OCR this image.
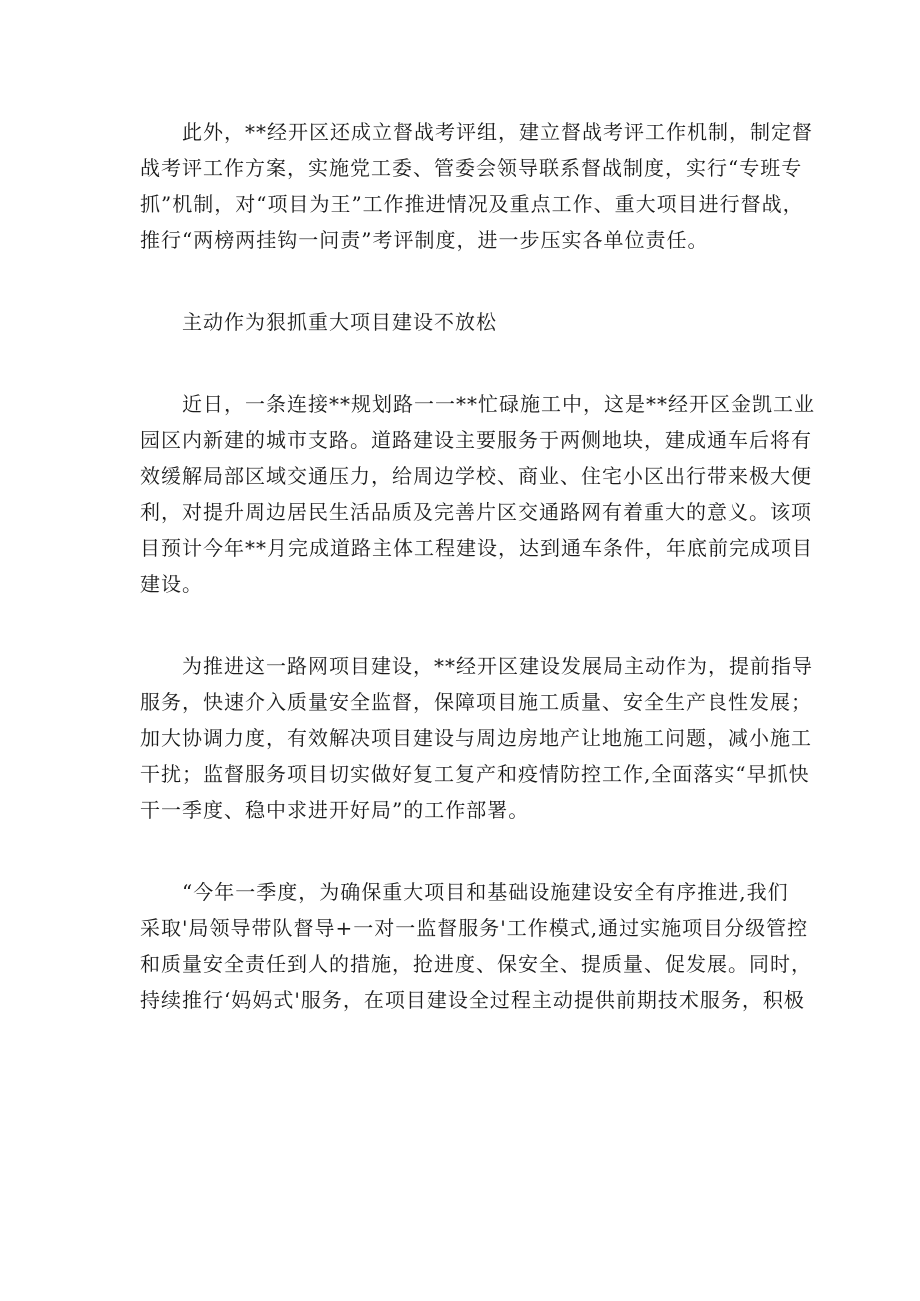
此外，**经开区还成立督战考评组，建立督战考评工作机制，制定督
战考评工作方案，实施党工委、管委会领导联系督战制度，实行“专班专
抓”机制，对“项目为王”工作推进情况及重点工作、重大项目进行督战，
推行“两榜两挂钩一问责”考评制度，进一步压实各单位责任。
主动作为狠抓重大项目建设不放松
近日，一条连接**规划路一一**忙碌施工中，这是**经开区金凯工业
园区内新建的城市支路。道路建设主要服务于两侧地块，建成通车后将有
效缓解局部区域交通压力，给周边学校、商业、住宅小区出行带来极大便
利，对提升周边居民生活品质及完善片区交通路网有着重大的意义。该项
目预计今年**月完成道路主体工程建设，达到通车条件，年底前完成项目
建设。
为推进这一路网项目建设，**经开区建设发展局主动作为，提前指导
服务，快速介入质量安全监督，保障项目施工质量、安全生产良性发展；
加大协调力度，有效解决项目建设与周边房地产让地施工问题，减小施工
干扰；监督服务项目切实做好复工复产和疫情防控工作,全面落实“早抓快
干一季度、稳中求进开好局”的工作部署。
“今年一季度，为确保重大项目和基础设施建设安全有序推进,我们
采取'局领导带队督导+一对一监督服务'工作模式,通过实施项目分级管控
和质量安全责任到人的措施，抢进度、保安全、提质量、促发展。同时，
持续推行‘妈妈式'服务，在项目建设全过程主动提供前期技术服务，积极
